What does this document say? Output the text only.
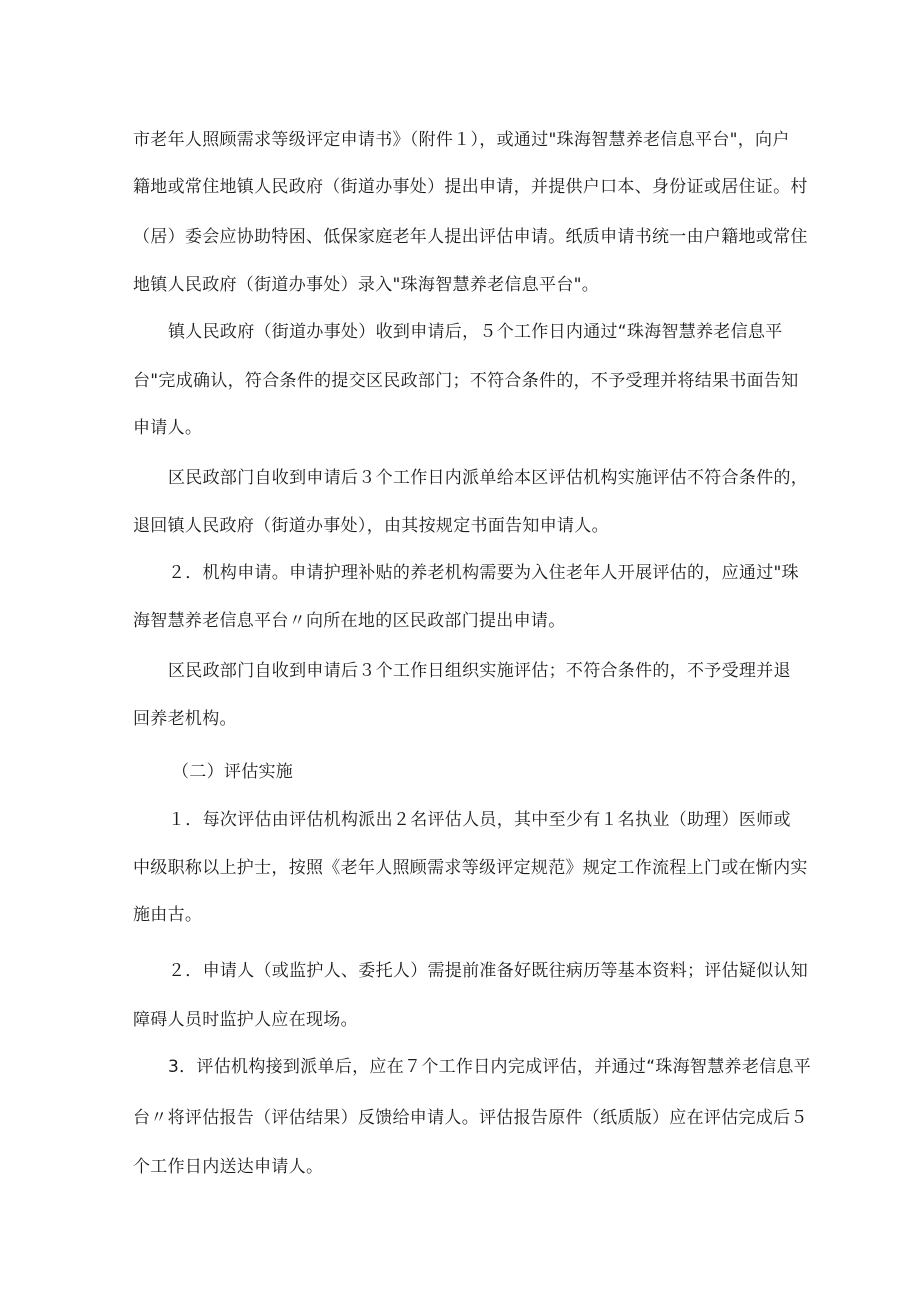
市老年人照顾需求等级评定申请书》（附件１），或通过"珠海智慧养老信息平台"，向户
籍地或常住地镇人民政府（街道办事处）提出申请，并提供户口本、身份证或居住证。村
（居）委会应协助特困、低保家庭老年人提出评估申请。纸质申请书统一由户籍地或常住
地镇人民政府（街道办事处）录入"珠海智慧养老信息平台"。
镇人民政府（街道办事处）收到申请后，５个工作日内通过“珠海智慧养老信息平
台"完成确认，符合条件的提交区民政部门；不符合条件的，不予受理并将结果书面告知
申请人。
区民政部门自收到申请后３个工作日内派单给本区评估机构实施评估不符合条件的，
退回镇人民政府（街道办事处），由其按规定书面告知申请人。
２．机构申请。申请护理补贴的养老机构需要为入住老年人开展评估的，应通过"珠
海智慧养老信息平台〃向所在地的区民政部门提出申请。
区民政部门自收到申请后３个工作日组织实施评估；不符合条件的，不予受理并退
回养老机构。
（二）评估实施
１．每次评估由评估机构派出２名评估人员，其中至少有１名执业（助理）医师或
中级职称以上护士，按照《老年人照顾需求等级评定规范》规定工作流程上门或在惭内实
施由古。
２．申请人（或监护人、委托人）需提前准备好既往病历等基本资料；评估疑似认知
障碍人员时监护人应在现场。
3．评估机构接到派单后，应在７个工作日内完成评估，并通过“珠海智慧养老信息平
台〃将评估报告（评估结果）反馈给申请人。评估报告原件（纸质版）应在评估完成后５
个工作日内送达申请人。
